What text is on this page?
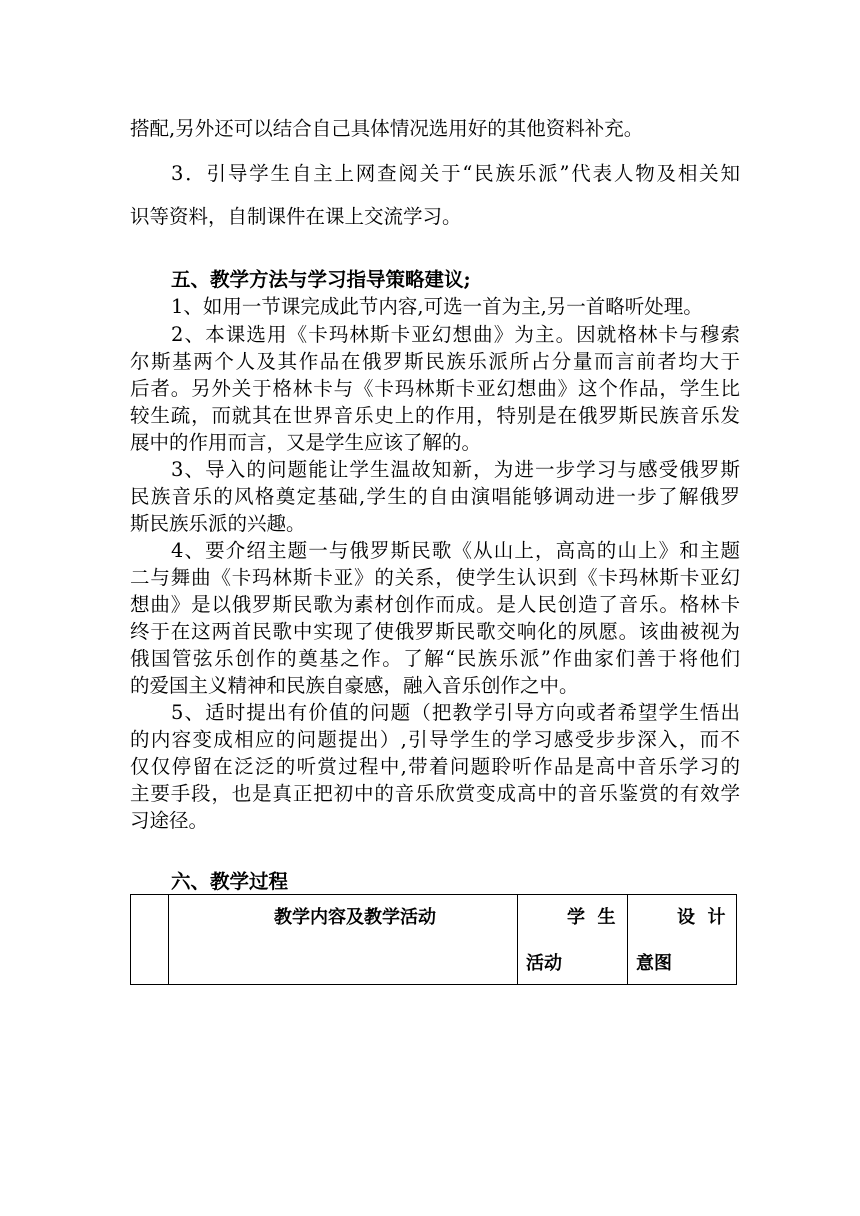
搭配,另外还可以结合自己具体情况选用好的其他资料补充。
3．引导学生自主上网查阅关于“民族乐派”代表人物及相关知
识等资料，自制课件在课上交流学习。
五、教学方法与学习指导策略建议;
1、如用一节课完成此节内容,可选一首为主,另一首略听处理。
2、本课选用《卡玛林斯卡亚幻想曲》为主。因就格林卡与穆索
尔斯基两个人及其作品在俄罗斯民族乐派所占分量而言前者均大于
后者。另外关于格林卡与《卡玛林斯卡亚幻想曲》这个作品，学生比
较生疏，而就其在世界音乐史上的作用，特别是在俄罗斯民族音乐发
展中的作用而言，又是学生应该了解的。
3、导入的问题能让学生温故知新，为进一步学习与感受俄罗斯
民族音乐的风格奠定基础,学生的自由演唱能够调动进一步了解俄罗
斯民族乐派的兴趣。
4、要介绍主题一与俄罗斯民歌《从山上，高高的山上》和主题
二与舞曲《卡玛林斯卡亚》的关系，使学生认识到《卡玛林斯卡亚幻
想曲》是以俄罗斯民歌为素材创作而成。是人民创造了音乐。格林卡
终于在这两首民歌中实现了使俄罗斯民歌交响化的夙愿。该曲被视为
俄国管弦乐创作的奠基之作。了解“民族乐派”作曲家们善于将他们
的爱国主义精神和民族自豪感，融入音乐创作之中。
5、适时提出有价值的问题（把教学引导方向或者希望学生悟出
的内容变成相应的问题提出）,引导学生的学习感受步步深入，而不
仅仅停留在泛泛的听赏过程中,带着问题聆听作品是高中音乐学习的
主要手段，也是真正把初中的音乐欣赏变成高中的音乐鉴赏的有效学
习途径。
六、教学过程
教学内容及教学活动	学  生
活动
设  计
意图
